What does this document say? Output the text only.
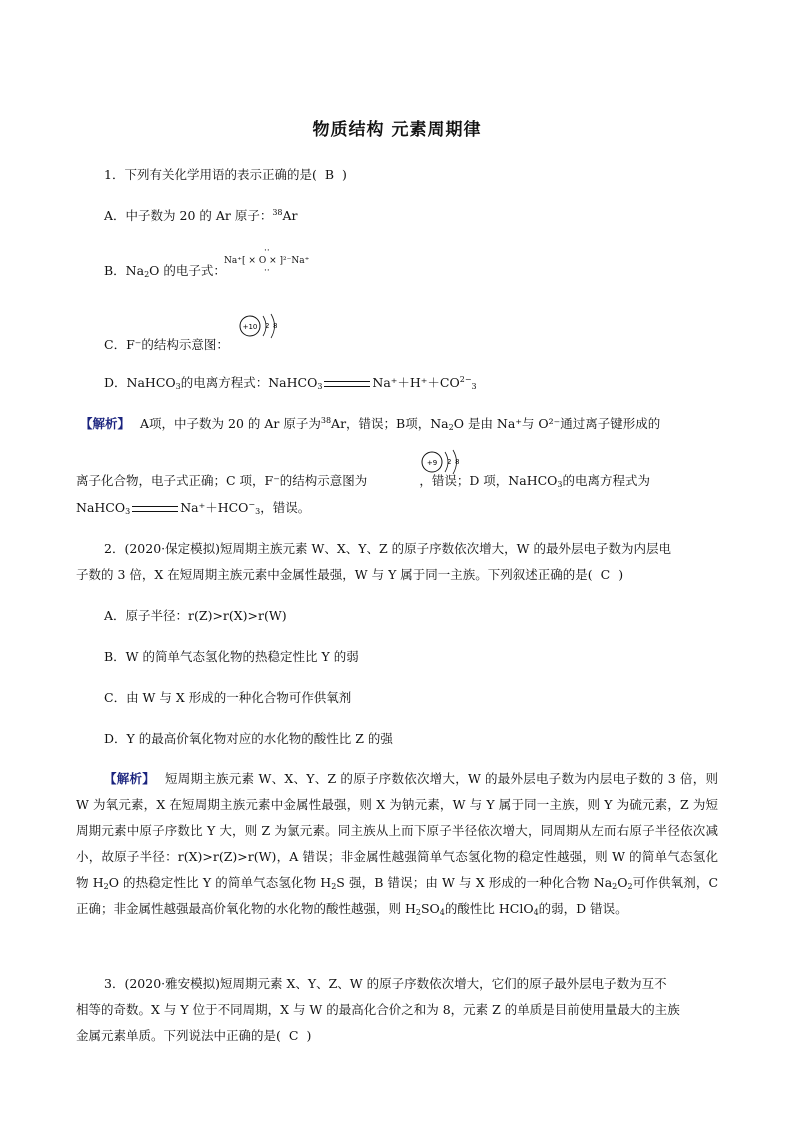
物质结构 元素周期律
1．下列有关化学用语的表示正确的是( B )
A．中子数为 20 的 Ar 原子：$^{38}$Ar
B．$Na_2O$ 的电子式：
··
Na⁺[ × O × ]²⁻Na⁺
··
C．F⁻的结构示意图：
+10 2 8
D．NaHCO$_3$的电离方程式：NaHCO$_3$	$Na^++H^++CO^{2-}_3$
【解析】 A项，中子数为 20 的 Ar 原子为$^{38}$Ar，错误；B项，$Na_2O$ 是由 Na⁺与 O²⁻通过离子键形成的
离子化合物，电子式正确；C 项，F⁻的结构示意图为	，错误；D 项，NaHCO$_3$的电离方程式为
+9 2 8
NaHCO$_3$	$Na^++HCO^-_3$，错误。
2．(2020·保定模拟)短周期主族元素 W、X、Y、Z 的原子序数依次增大，W 的最外层电子数为内层电
子数的 3 倍，X 在短周期主族元素中金属性最强，W 与 Y 属于同一主族。下列叙述正确的是( C )
A．原子半径：r(Z)>r(X)>r(W)
B．W 的简单气态氢化物的热稳定性比 Y 的弱
C．由 W 与 X 形成的一种化合物可作供氧剂
D．Y 的最高价氧化物对应的水化物的酸性比 Z 的强
【解析】 短周期主族元素 W、X、Y、Z 的原子序数依次增大，W 的最外层电子数为内层电子数的 3 倍，则 W 为氧元素，X 在短周期主族元素中金属性最强，则 X 为钠元素，W 与 Y 属于同一主族，则 Y 为硫元素，Z 为短周期元素中原子序数比 Y 大，则 Z 为氯元素。同主族从上而下原子半径依次增大，同周期从左而右原子半径依次减小，故原子半径：r(X)>r(Z)>r(W)，A 错误；非金属性越强简单气态氢化物的稳定性越强，则 W 的简单气态氢化物 $H_2O$ 的热稳定性比 Y 的简单气态氢化物 $H_2S$ 强，B 错误；由 W 与 X 形成的一种化合物 $Na_2O_2$可作供氧剂，C 正确；非金属性越强最高价氧化物的水化物的酸性越强，则 $H_2SO_4$的酸性比 HClO$_4$的弱，D 错误。
3．(2020·雅安模拟)短周期元素 X、Y、Z、W 的原子序数依次增大，它们的原子最外层电子数为互不
相等的奇数。X 与 Y 位于不同周期，X 与 W 的最高化合价之和为 8，元素 Z 的单质是目前使用量最大的主族
金属元素单质。下列说法中正确的是( C )
